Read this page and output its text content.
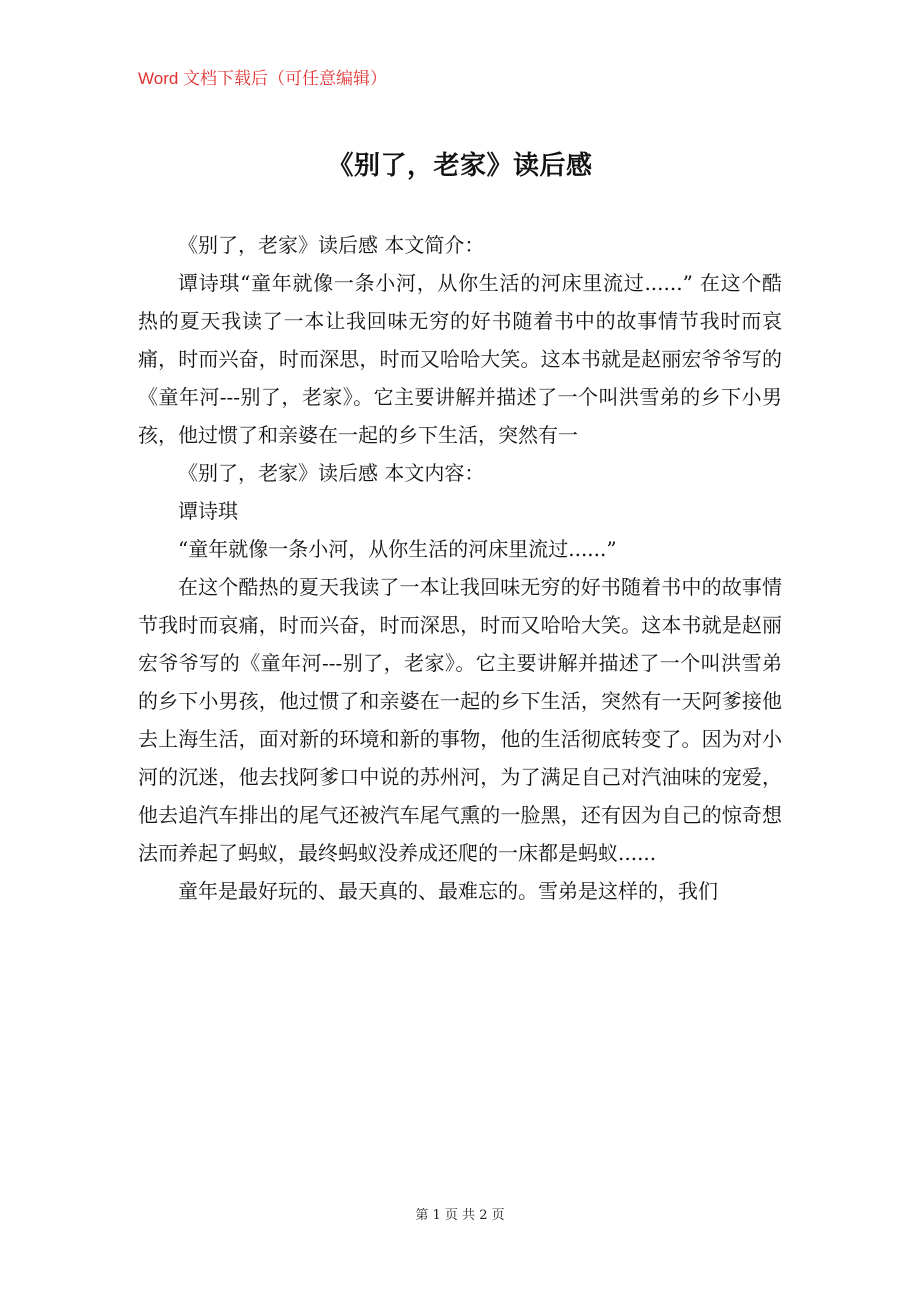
Word 文档下载后（可任意编辑）
《别了，老家》读后感

《别了，老家》读后感 本文简介：

谭诗琪“童年就像一条小河，从你生活的河床里流过......” 在这个酷热的夏天我读了一本让我回味无穷的好书随着书中的故事情节我时而哀痛，时而兴奋，时而深思，时而又哈哈大笑。这本书就是赵丽宏爷爷写的《童年河---别了，老家》。它主要讲解并描述了一个叫洪雪弟的乡下小男孩，他过惯了和亲婆在一起的乡下生活，突然有一

《别了，老家》读后感 本文内容：

谭诗琪

“童年就像一条小河，从你生活的河床里流过......”

在这个酷热的夏天我读了一本让我回味无穷的好书随着书中的故事情节我时而哀痛，时而兴奋，时而深思，时而又哈哈大笑。这本书就是赵丽宏爷爷写的《童年河---别了，老家》。它主要讲解并描述了一个叫洪雪弟的乡下小男孩，他过惯了和亲婆在一起的乡下生活，突然有一天阿爹接他去上海生活，面对新的环境和新的事物，他的生活彻底转变了。因为对小河的沉迷，他去找阿爹口中说的苏州河，为了满足自己对汽油味的宠爱，他去追汽车排出的尾气还被汽车尾气熏的一脸黑，还有因为自己的惊奇想法而养起了蚂蚁，最终蚂蚁没养成还爬的一床都是蚂蚁......

童年是最好玩的、最天真的、最难忘的。雪弟是这样的，我们

第 1 页 共 2 页
